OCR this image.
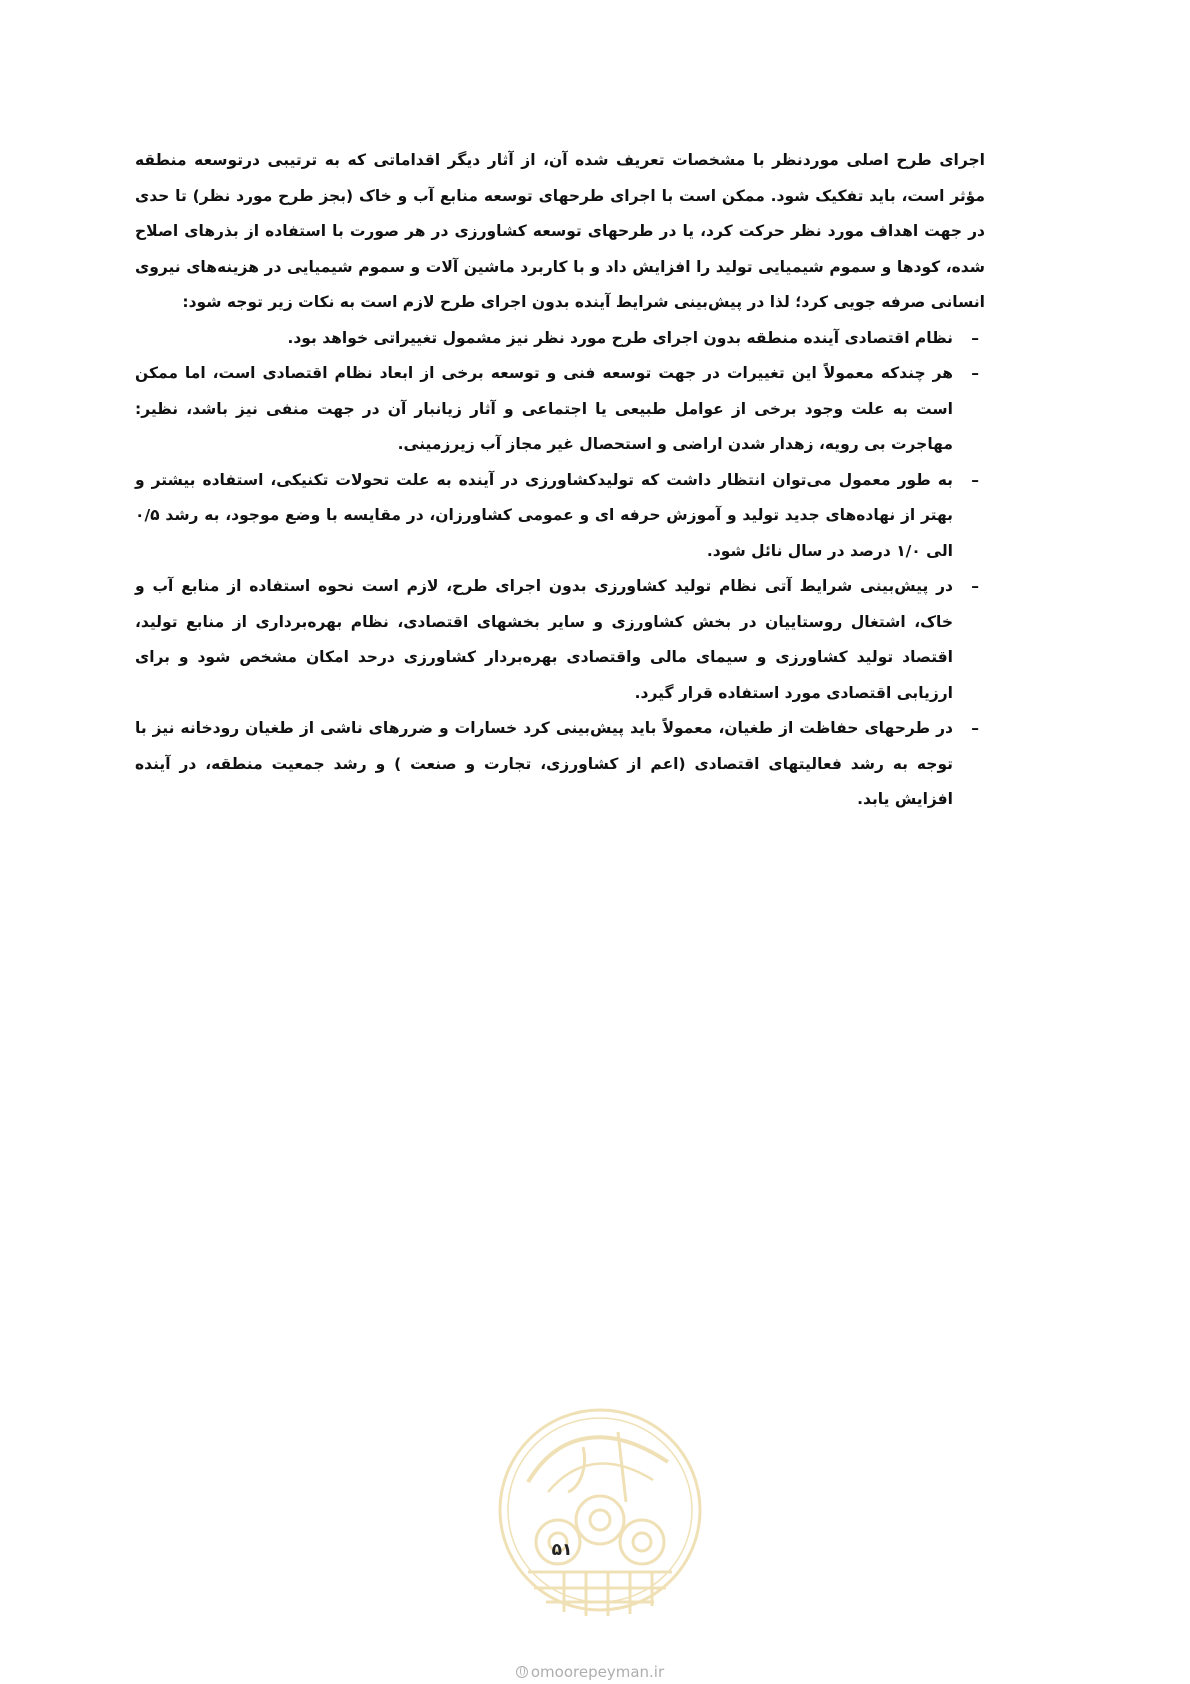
اجرای طرح اصلی موردنظر با مشخصات تعریف شده آن، از آثار دیگر اقداماتی که به ترتیبی درتوسعه منطقه مؤثر است، باید تفکیک شود. ممکن است با اجرای طرحهای توسعه منابع آب و خاک (بجز طرح مورد نظر) تا حدی در جهت اهداف مورد نظر حرکت کرد، یا در طرحهای توسعه کشاورزی در هر صورت با استفاده از بذرهای اصلاح شده، کودها و سموم شیمیایی تولید را افزایش داد و با کاربرد ماشین آلات و سموم شیمیایی در هزینه‌های نیروی انسانی صرفه جویی کرد؛ لذا در پیش‌بینی شرایط آینده بدون اجرای طرح لازم است به نکات زیر توجه شود:

–
نظام اقتصادی آینده منطقه بدون اجرای طرح مورد نظر نیز مشمول تغییراتی خواهد بود.
–
هر چندکه معمولاً این تغییرات در جهت توسعه فنی و توسعه برخی از ابعاد نظام اقتصادی است، اما ممکن است به علت وجود برخی از عوامل طبیعی یا اجتماعی و آثار زیانبار آن در جهت منفی نیز باشد، نظیر: مهاجرت بی رویه، زهدار شدن اراضی و استحصال غیر مجاز آب زیرزمینی.
–
به طور معمول می‌توان انتظار داشت که تولیدکشاورزی در آینده به علت تحولات تکنیکی، استفاده بیشتر و بهتر از نهاده‌های جدید تولید و آموزش حرفه ای و عمومی کشاورزان، در مقایسه با وضع موجود، به رشد ۰/۵ الی ۱/۰ درصد در سال نائل شود.
–
در پیش‌بینی شرایط آتی نظام تولید کشاورزی بدون اجرای طرح، لازم است نحوه استفاده از منابع آب و خاک، اشتغال روستاییان در بخش کشاورزی و سایر بخشهای اقتصادی، نظام بهره‌برداری از منابع تولید، اقتصاد تولید کشاورزی و سیمای مالی واقتصادی بهره‌بردار کشاورزی درحد امکان مشخص شود و برای ارزیابی اقتصادی مورد استفاده قرار گیرد.
–
در طرحهای حفاظت از طغیان، معمولاً باید پیش‌بینی کرد خسارات و ضررهای ناشی از طغیان رودخانه نیز با توجه به رشد فعالیتهای اقتصادی (اعم از کشاورزی، تجارت و صنعت ) و رشد جمعیت منطقه، در آینده افزایش یابد.
۵۱
omoorepeyman.ir
